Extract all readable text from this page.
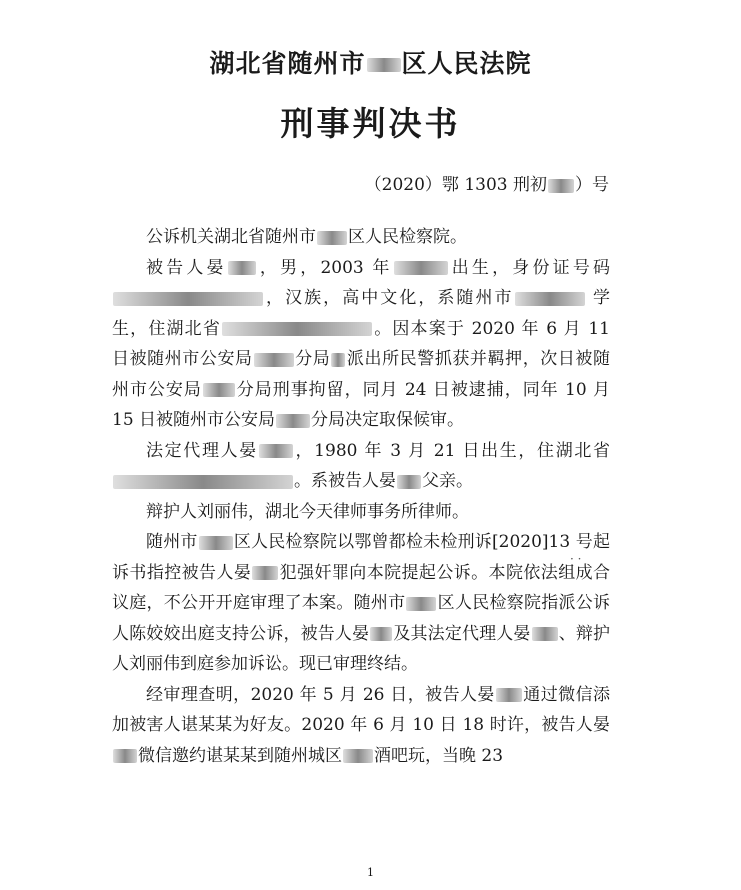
湖北省随州市 区人民法院
刑事判决书
（2020）鄂 1303 刑初 ）号

公诉机关湖北省随州市 区人民检察院。

被告人晏 ，男，2003 年	出生，身份证号码 ，汉族，高中文化，系随州市	学生，住湖北省	。因本案于 2020 年 6 月 11 日被随州市公安局 分局 派出所民警抓获并羁押，次日被随州市公安局 分局刑事拘留，同月 24 日被逮捕，同年 10 月 15 日被随州市公安局 分局决定取保候审。

法定代理人晏 ，1980 年 3 月 21 日出生，住湖北省 。系被告人晏 父亲。

辩护人刘丽伟，湖北今天律师事务所律师。

随州市 区人民检察院以鄂曾都检未检刑诉[2020]13 号起诉书指控被告人晏 犯强奸罪向本院提起公诉。本院依法组成合议庭，不公开开庭审理了本案。随州市 区人民检察院指派公诉人陈姣姣出庭支持公诉，被告人晏 及其法定代理人晏 、辩护人刘丽伟到庭参加诉讼。现已审理终结。

经审理查明，2020 年 5 月 26 日，被告人晏 通过微信添加被害人谌某某为好友。2020 年 6 月 10 日 18 时许，被告人晏微信邀约谌某某到随州城区 酒吧玩，当晚 23

· ·
1
